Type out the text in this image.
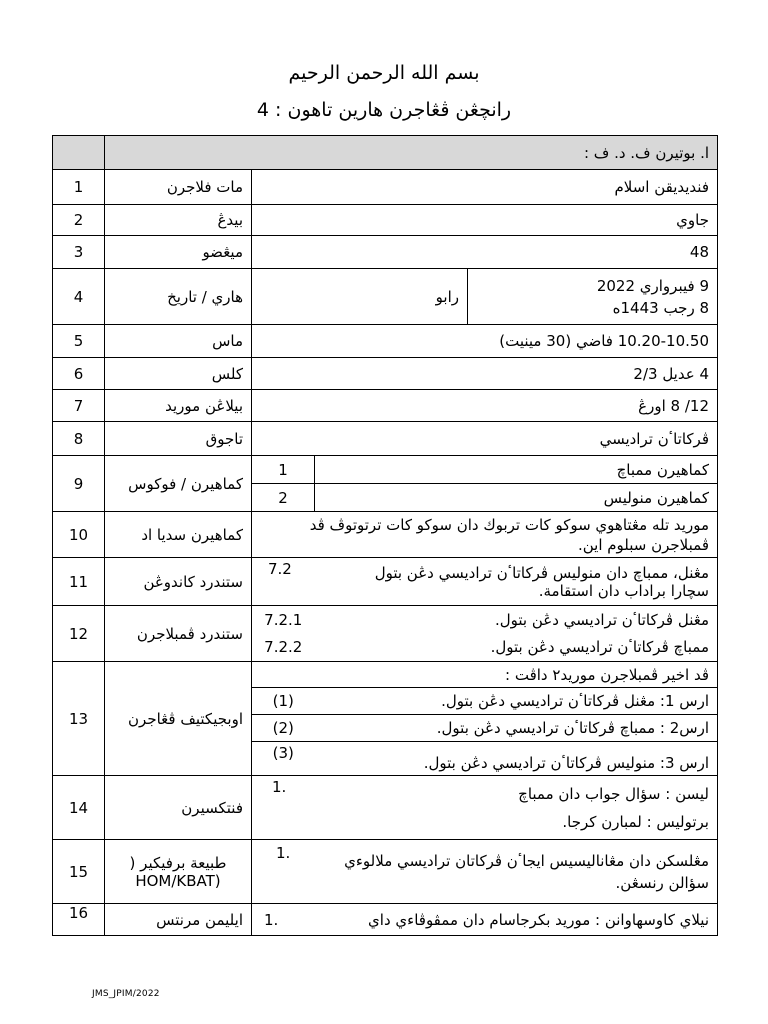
بسم الله الرحمن الرحيم
رانچڠن ڤڠاجرن هارين تاهون : 4
	ا. بوتيرن ف. د. ف :			
1	مات فلاجرن	فنديديقن اسلام		
2	بيدڠ	جاوي		
3	ميڠضو	48		
4	هاري / تاريخ	رابو		9 فيبرواري 2022
8 رجب 1443ه

5	ماس	10.20-10.50 فاضي (30 مينيت)		
6	كلس	4 عديل 2/3		
7	بيلاڠن موريد	12/ 8 اورڠ		
8	تاجوق	ڤركاتاٴن تراديسي		
9	كماهيرن / فوكوس	1	كماهيرن ممباچ	
		2	كماهيرن منوليس	
10	كماهيرن سديا اد	موريد تله مڠتاهوي سوكو كات تربوك دان سوكو كات ترتوتوڤ ڤد ڤمبلاجرن سبلوم اين.		
11	ستندرد كاندوڠن	7.2 مڠنل، ممباچ دان منوليس ڤركاتاٴن تراديسي دڠن بتول
سچارا براداب دان استقامة.		

12	ستندرد ڤمبلاجرن	7.2.1	مڠنل ڤركاتاٴن تراديسي دڠن بتول.	
		7.2.2	ممباچ ڤركاتاٴن تراديسي دڠن بتول.	
13	اوبجيكتيف ڤڠاجرن	ڤد اخير ڤمبلاجرن موريد٢ داڤت :		
		(1)	ارس 1: مڠنل ڤركاتاٴن تراديسي دڠن بتول.	
		(2)	ارس2 : ممباچ ڤركاتاٴن تراديسي دڠن بتول.	
		(3)	ارس 3: منوليس ڤركاتاٴن تراديسي دڠن بتول.	
14	فنتكسيرن	.1 ليسن : سؤال جواب دان ممباچ
برتوليس : لمبارن كرجا.		

15	طبيعة برفيكير ( (HOM/KBAT	.1 مڠلسكن دان مڠاناليسيس ايجاٴن ڤركاتان تراديسي ملالوءي
سؤالن رنسڠن.		

16	ايليمن مرنتس	.1 نيلاي كاوسهاوانن : موريد بكرجاسام دان ممڤوڤاءي داي		
JMS_JPIM/2022
